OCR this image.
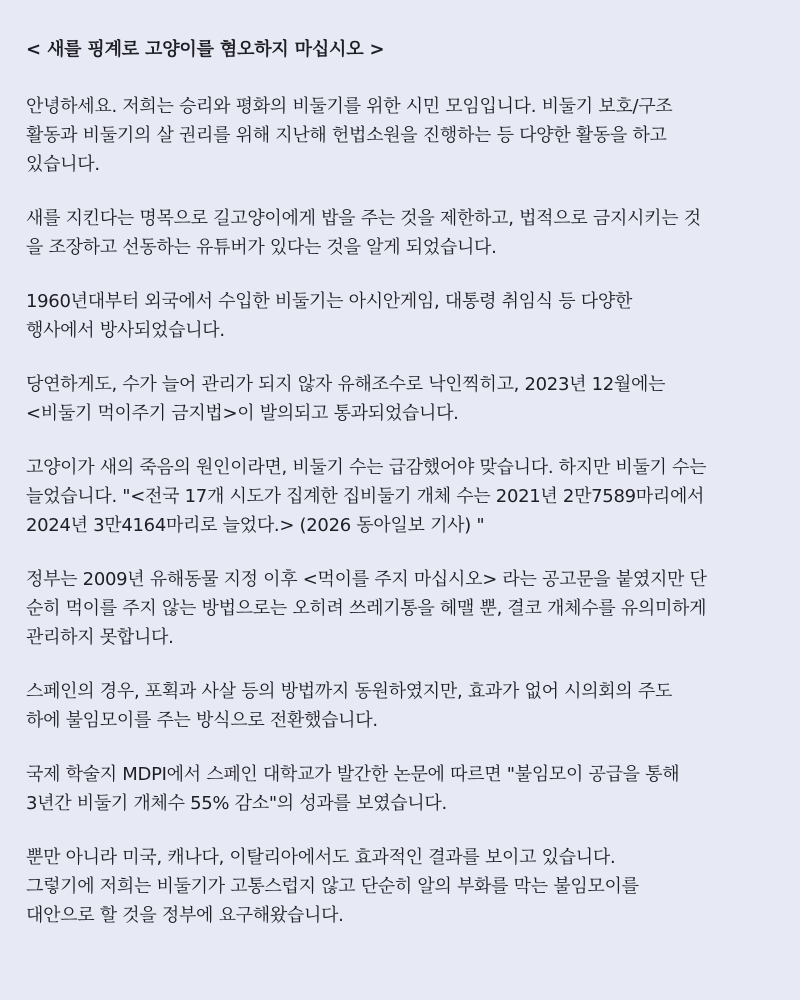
< 새를 핑계로 고양이를 혐오하지 마십시오 >
안녕하세요. 저희는 승리와 평화의 비둘기를 위한 시민 모임입니다. 비둘기 보호/구조
활동과 비둘기의 살 권리를 위해 지난해 헌법소원을 진행하는 등 다양한 활동을 하고
있습니다.
새를 지킨다는 명목으로 길고양이에게 밥을 주는 것을 제한하고, 법적으로 금지시키는 것
을 조장하고 선동하는 유튜버가 있다는 것을 알게 되었습니다.
1960년대부터 외국에서 수입한 비둘기는 아시안게임, 대통령 취임식 등 다양한
행사에서 방사되었습니다.
당연하게도, 수가 늘어 관리가 되지 않자 유해조수로 낙인찍히고, 2023년 12월에는
<비둘기 먹이주기 금지법>이 발의되고 통과되었습니다.
고양이가 새의 죽음의 원인이라면, 비둘기 수는 급감했어야 맞습니다. 하지만 비둘기 수는
늘었습니다. "<전국 17개 시도가 집계한 집비둘기 개체 수는 2021년 2만7589마리에서
2024년 3만4164마리로 늘었다.> (2026 동아일보 기사) "
정부는 2009년 유해동물 지정 이후 <먹이를 주지 마십시오> 라는 공고문을 붙였지만 단
순히 먹이를 주지 않는 방법으로는 오히려 쓰레기통을 헤맬 뿐, 결코 개체수를 유의미하게
관리하지 못합니다.
스페인의 경우, 포획과 사살 등의 방법까지 동원하였지만, 효과가 없어 시의회의 주도
하에 불임모이를 주는 방식으로 전환했습니다.
국제 학술지 MDPI에서 스페인 대학교가 발간한 논문에 따르면 "불임모이 공급을 통해
3년간 비둘기 개체수 55% 감소"의 성과를 보였습니다.
뿐만 아니라 미국, 캐나다, 이탈리아에서도 효과적인 결과를 보이고 있습니다.
그렇기에 저희는 비둘기가 고통스럽지 않고 단순히 알의 부화를 막는 불임모이를
대안으로 할 것을 정부에 요구해왔습니다.
